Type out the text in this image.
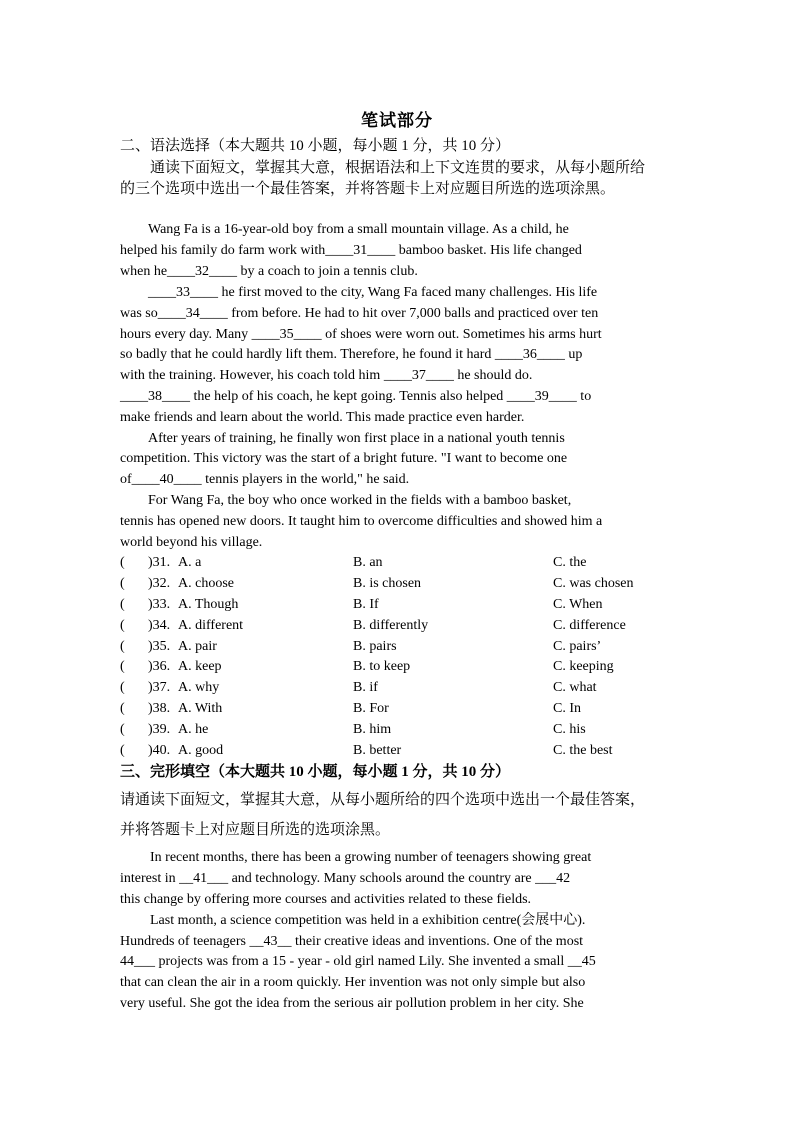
笔试部分
二、语法选择（本大题共 10 小题，每小题 1 分，共 10 分）
通读下面短文，掌握其大意，根据语法和上下文连贯的要求，从每小题所给
的三个选项中选出一个最佳答案，并将答题卡上对应题目所选的选项涂黑。
Wang Fa is a 16-year-old boy from a small mountain village. As a child, he
helped his family do farm work with____31____ bamboo basket. His life changed
when he____32____ by a coach to join a tennis club.
____33____ he first moved to the city, Wang Fa faced many challenges. His life
was so____34____ from before. He had to hit over 7,000 balls and practiced over ten
hours every day. Many ____35____ of shoes were worn out. Sometimes his arms hurt
so badly that he could hardly lift them. Therefore, he found it hard ____36____ up
with the training. However, his coach told him ____37____ he should do.
____38____ the help of his coach, he kept going. Tennis also helped ____39____ to
make friends and learn about the world. This made practice even harder.
After years of training, he finally won first place in a national youth tennis
competition. This victory was the start of a bright future. "I want to become one
of____40____ tennis players in the world," he said.
For Wang Fa, the boy who once worked in the fields with a bamboo basket,
tennis has opened new doors. It taught him to overcome difficulties and showed him a
world beyond his village.
( )31. A. a	B. an	C. the
( )32. A. choose	B. is chosen	C. was chosen
( )33. A. Though	B. If	C. When
( )34. A. different	B. differently	C. difference
( )35. A. pair	B. pairs	C. pairs’
( )36. A. keep	B. to keep	C. keeping
( )37. A. why	B. if	C. what
( )38. A. With	B. For	C. In
( )39. A. he	B. him	C. his
( )40. A. good	B. better	C. the best
三、完形填空（本大题共 10 小题，每小题 1 分，共 10 分）
请通读下面短文，掌握其大意，从每小题所给的四个选项中选出一个最佳答案，
并将答题卡上对应题目所选的选项涂黑。
In recent months, there has been a growing number of teenagers showing great
interest in __41___ and technology. Many schools around the country are ___42
this change by offering more courses and activities related to these fields.
Last month, a science competition was held in a exhibition centre(会展中心).
Hundreds of teenagers __43__ their creative ideas and inventions. One of the most
44___ projects was from a 15 - year - old girl named Lily. She invented a small __45
that can clean the air in a room quickly. Her invention was not only simple but also
very useful. She got the idea from the serious air pollution problem in her city. She
